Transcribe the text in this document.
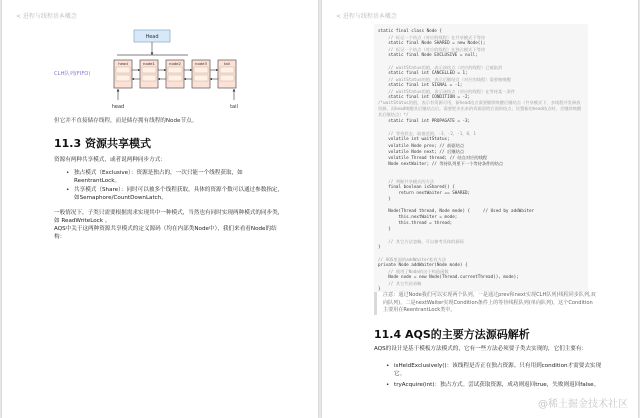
< 进程与线程基本概念
Head
CLH队列(FIFO)
head	node1	node2	node3	tail
head	tail
但它并不直接储存线程，而是储存拥有线程的Node节点。
11.3 资源共享模式
资源有两种共享模式，或者说两种同步方式：
• 独占模式（Exclusive）：资源是独占的，一次只能一个线程获取，如ReentrantLock。
• 共享模式（Share）：同时可以被多个线程获取，具体的资源个数可以通过参数指定，如Semaphore/CountDownLatch。
一般情况下，子类只需要根据需求实现其中一种模式，当然也有同时实现两种模式的同步类，如 ReadWriteLock 。
AQS中关于这两种资源共享模式的定义源码（均在内部类Node中），我们来看看Node的结构：
< 进程与线程基本概念
static final class Node {
// 标记一个结点（对应的线程）在共享模式下等待
static final Node SHARED = new Node();
// 标记一个结点（对应的线程）在独占模式下等待
static final Node EXCLUSIVE = null;
// waitStatus的值，表示该结点（对应的线程）已被取消
static final int CANCELLED = 1;
// waitStatus的值，表示后继结点（对应的线程）需要被唤醒
static final int SIGNAL = -1;
// waitStatus的值，表示该结点（对应的线程）在等待某一条件
static final int CONDITION = -2;
/*waitStatus的值，表示有资源可用，新head结点需要继续唤醒后继结点（共享模式下，多线程并发释放资源，而head唤醒其后继结点后，需要把多出来的资源留给后面的结点；设置新的head结点时，会继续唤醒其后继结点）*/
static final int PROPAGATE = -3;
// 等待状态，取值范围，-3，-2，-1，0，1
volatile int waitStatus;
volatile Node prev; // 前驱结点
volatile Node next; // 后继结点
volatile Thread thread; // 结点对应的线程
Node nextWaiter; // 等待队列里下一个等待条件的结点
// 判断共享模式的方法
final boolean isShared() {
return nextWaiter == SHARED;
}
Node(Thread thread, Node mode) {     // Used by addWaiter
this.nextWaiter = mode;
this.thread = thread;
}
// 其它方法忽略，可以参考具体的源码
}
// AQS里面的addWaiter私有方法
private Node addWaiter(Node mode) {
// 使用了Node的这个构造函数
Node node = new Node(Thread.currentThread(), mode);
// 其它代码省略
}
注意：通过Node我们可以实现两个队列，一是通过prev和next实现CLH队列(线程同步队列,双向队列)，二是nextWaiter实现Condition条件上的等待线程队列(单向队列)，这个Condition主要用在ReentrantLock类中。
11.4 AQS的主要方法源码解析
AQS的设计是基于模板方法模式的，它有一些方法必须要子类去实现的，它们主要有：
• isHeldExclusively()：该线程是否正在独占资源。只有用到condition才需要去实现它。
• tryAcquire(int)：独占方式。尝试获取资源，成功则返回true，失败则返回false。
@稀土掘金技术社区
